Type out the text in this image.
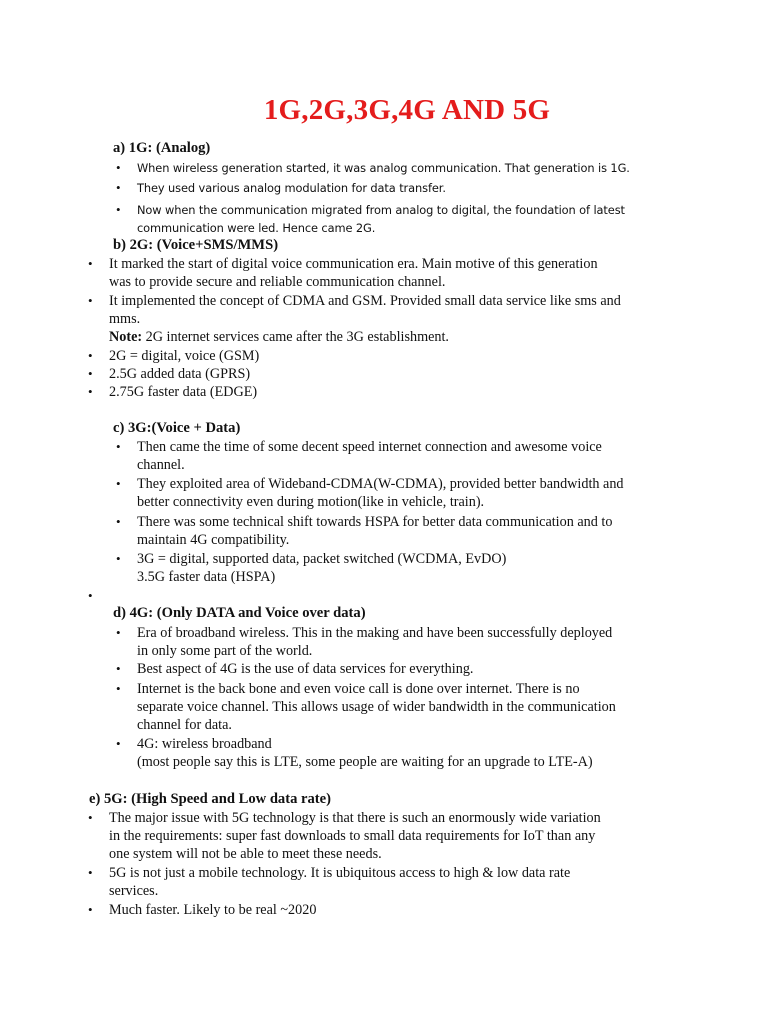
1G,2G,3G,4G AND 5G
a) 1G: (Analog)
• When wireless generation started, it was analog communication. That generation is 1G.
• They used various analog modulation for data transfer.
• Now when the communication migrated from analog to digital, the foundation of latest
communication were led. Hence came 2G.
b) 2G: (Voice+SMS/MMS)
• It marked the start of digital voice communication era. Main motive of this generation
was to provide secure and reliable communication channel.
• It implemented the concept of CDMA and GSM. Provided small data service like sms and
mms.
Note: 2G internet services came after the 3G establishment.
• 2G = digital, voice (GSM)
• 2.5G added data (GPRS)
• 2.75G faster data (EDGE)
c) 3G:(Voice + Data)
• Then came the time of some decent speed internet connection and awesome voice
channel.
• They exploited area of Wideband-CDMA(W-CDMA), provided better bandwidth and
better connectivity even during motion(like in vehicle, train).
• There was some technical shift towards HSPA for better data communication and to
maintain 4G compatibility.
• 3G = digital, supported data, packet switched (WCDMA, EvDO)
3.5G faster data (HSPA)
•
d) 4G: (Only DATA and Voice over data)
• Era of broadband wireless. This in the making and have been successfully deployed
in only some part of the world.
• Best aspect of 4G is the use of data services for everything.
• Internet is the back bone and even voice call is done over internet. There is no
separate voice channel. This allows usage of wider bandwidth in the communication
channel for data.
• 4G: wireless broadband
(most people say this is LTE, some people are waiting for an upgrade to LTE-A)
e) 5G: (High Speed and Low data rate)
• The major issue with 5G technology is that there is such an enormously wide variation
in the requirements: super fast downloads to small data requirements for IoT than any
one system will not be able to meet these needs.
• 5G is not just a mobile technology. It is ubiquitous access to high & low data rate
services.
• Much faster. Likely to be real ~2020
